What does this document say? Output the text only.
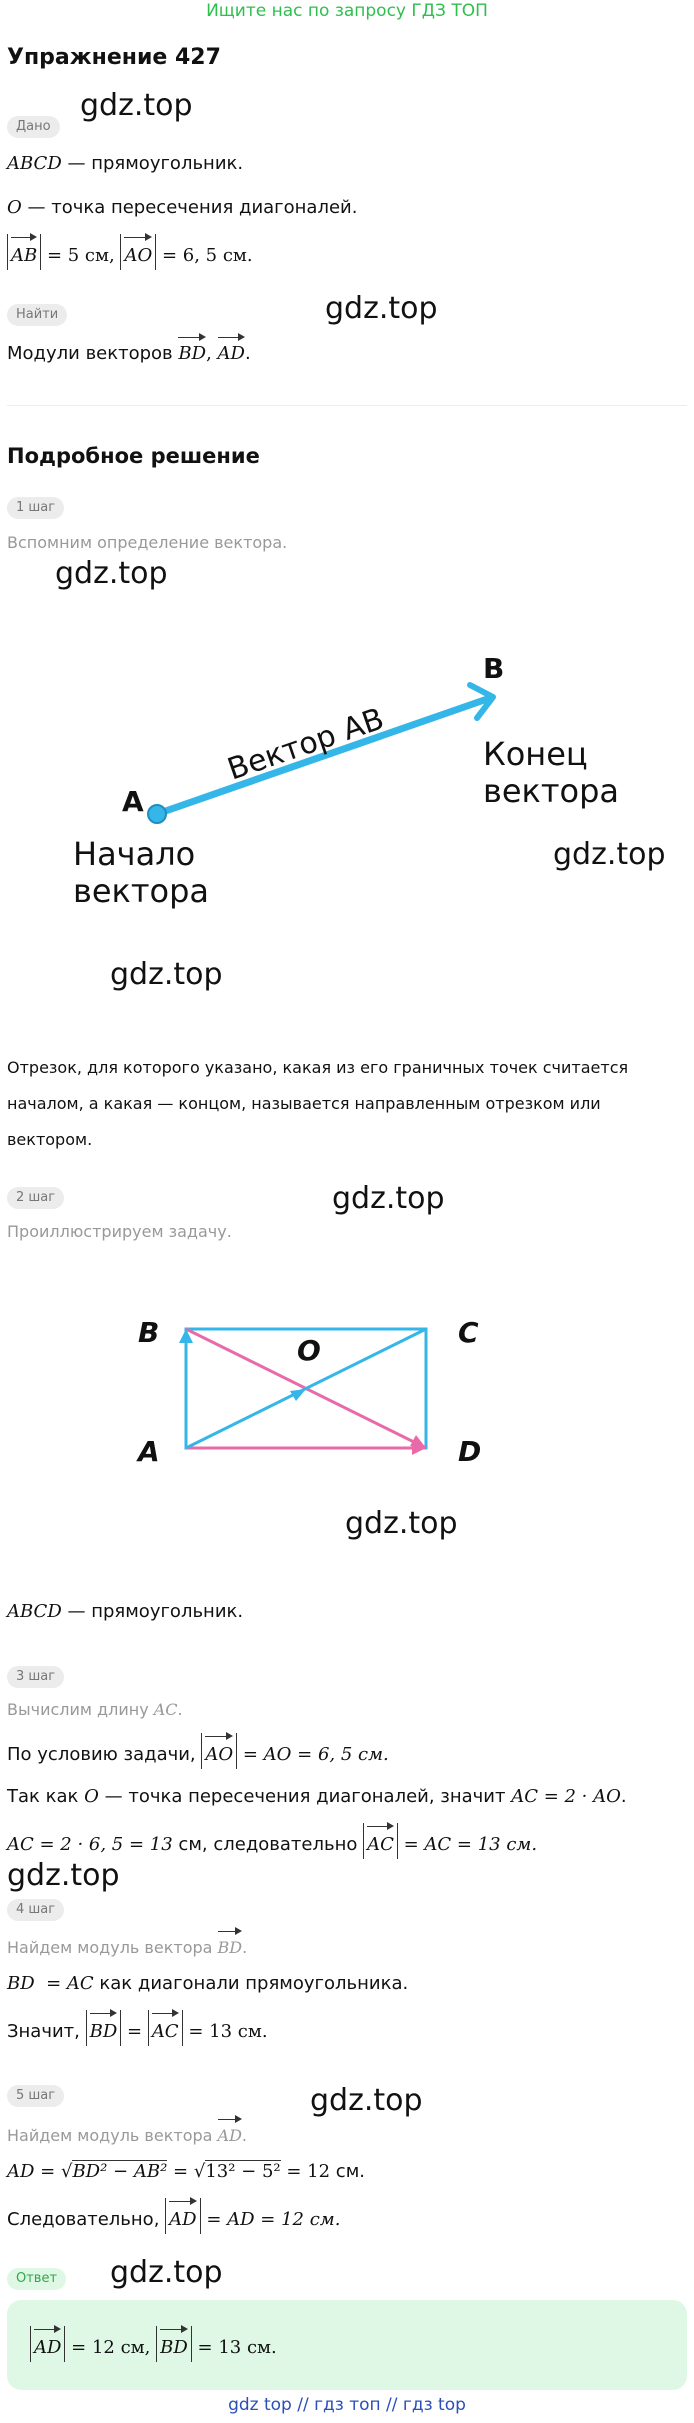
Ищите нас по запросу ГДЗ ТОП
Упражнение 427
Дано
ABCD — прямоугольник.
O — точка пересечения диагоналей.
AB = 5 см, AO = 6, 5 см.
Найти
Модули векторов BD, AD.
Подробное решение
1 шаг
Вспомним определение вектора.
A
B
Вектор AB
Начало
вектора
Конец
вектора
Отрезок, для которого указано, какая из его граничных точек считается
началом, а какая — концом, называется направленным отрезком или
вектором.
2 шаг
Проиллюстрируем задачу.
B	C
A	D
O
ABCD — прямоугольник.
3 шаг
Вычислим длину AC.
По условию задачи, AO = AO = 6, 5 см.
Так как O — точка пересечения диагоналей, значит AC = 2 · AO.
AC = 2 · 6, 5 = 13 см, следовательно AC = AC = 13 см.
4 шаг
Найдем модуль вектора BD.
BD  = AC как диагонали прямоугольника.
Значит, BD = AC = 13 см.
5 шаг
Найдем модуль вектора AD.
AD = √BD² − AB² = √13² − 5² = 12 см.
Следовательно, AD = AD = 12 см.
Ответ
AD = 12 см, BD = 13 см.
gdz.top
gdz.top
gdz.top
gdz.top
gdz.top
gdz.top
gdz.top
gdz.top
gdz.top
gdz.top
gdz top // гдз топ // гдз top
